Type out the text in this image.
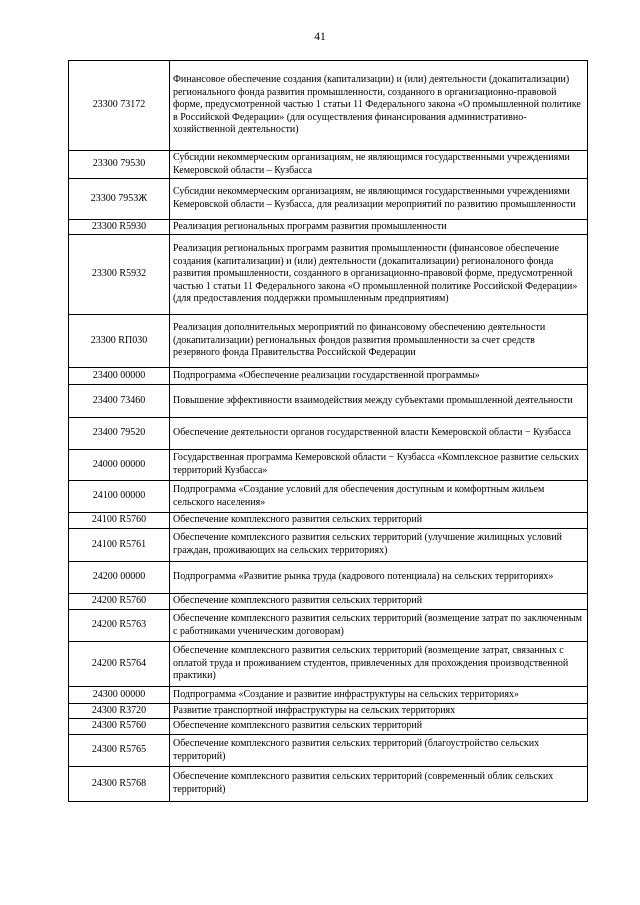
41
23300 73172	Финансовое обеспечение создания (капитализации) и (или) деятельности (докапитализации) регионального фонда развития промышленности, созданного в организационно-правовой форме, предусмотренной частью 1 статьи 11 Федерального закона «О промышленной политике в Российской Федерации» (для осуществления финансирования административно-хозяйственной деятельности)
23300 79530	Субсидии некоммерческим организациям, не являющимся государственными учреждениями Кемеровской области – Кузбасса
23300 7953Ж	Субсидии некоммерческим организациям, не являющимся государственными учреждениями Кемеровской области – Кузбасса, для реализации мероприятий по развитию промышленности
23300 R5930	Реализация региональных программ развития промышленности
23300 R5932	Реализация региональных программ развития промышленности (финансовое обеспечение создания (капитализации) и (или) деятельности (докапитализации) регионалоного фонда развития промышленности, созданного в организационно-правовой форме, предусмотренной частью 1 статьи 11 Федерального закона «О промышленной политике Российской Федерации» (для предоставления поддержки промышленным предприятиям)
23300 RП030	Реализация дополнительных мероприятий по финансовому обеспечению деятельности (докапитализации) региональных фондов развития промышленности за счет средств резервного фонда Правительства Российской Федерации
23400 00000	Подпрограмма «Обеспечение реализации государственной программы»
23400 73460	Повышение эффективности взаимодействия между субъектами промышленной деятельности
23400 79520	Обеспечение деятельности органов государственной власти Кемеровской области − Кузбасса
24000 00000	Государственная программа Кемеровской области − Кузбасса «Комплексное развитие сельских территорий Кузбасса»
24100 00000	Подпрограмма «Создание условий для обеспечения доступным и комфортным жильем сельского населения»
24100 R5760	Обеспечение комплексного развития сельских территорий
24100 R5761	Обеспечение комплексного развития сельских территорий (улучшение жилищных условий граждан, проживающих на сельских территориях)
24200 00000	Подпрограмма «Развитие рынка труда (кадрового потенциала) на сельских территориях»
24200 R5760	Обеспечение комплексного развития сельских территорий
24200 R5763	Обеспечение комплексного развития сельских территорий (возмещение затрат по заключенным с работниками ученическим договорам)
24200 R5764	Обеспечение комплексного развития сельских территорий (возмещение затрат, связанных с оплатой труда и проживанием студентов, привлеченных для прохождения производственной практики)
24300 00000	Подпрограмма «Создание и развитие инфраструктуры на сельских территориях»
24300 R3720	Развитие транспортной инфраструктуры на сельских территориях
24300 R5760	Обеспечение комплексного развития сельских территорий
24300 R5765	Обеспечение комплексного развития сельских территорий (благоустройство сельских территорий)
24300 R5768	Обеспечение комплексного развития сельских территорий (современный облик сельских территорий)
